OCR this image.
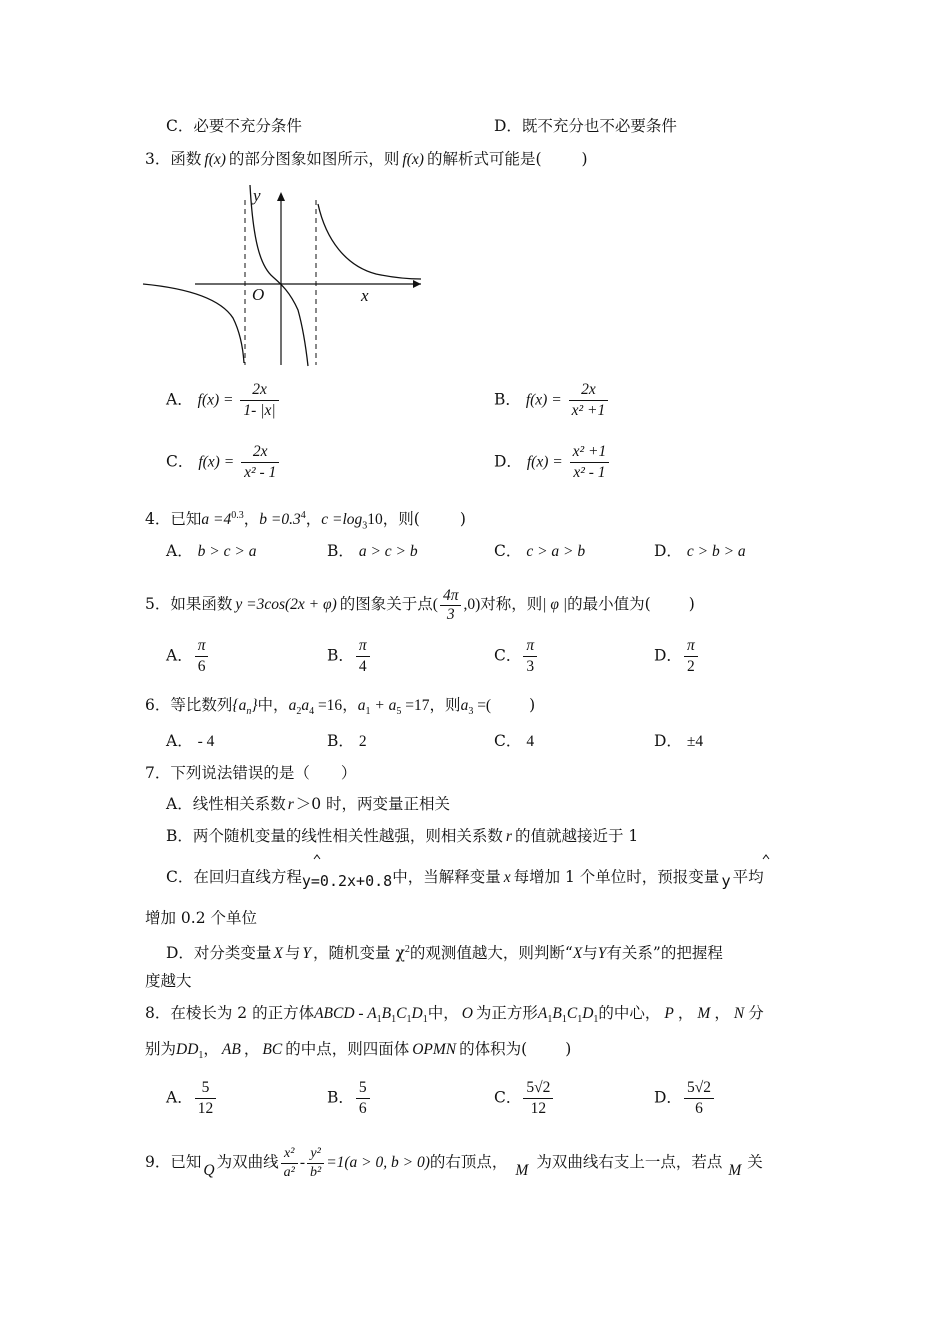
C．必要不充分条件	D．既不充分也不必要条件
3．函数 f(x) 的部分图象如图所示，则 f(x) 的解析式可能是(	)
y
O	x
A． $f(x) = \frac{2x}{1- |x|}$	B． $f(x) = \frac{2x}{\text{x² +1}}$
C． $f(x) = \frac{2x}{\text{x² - 1}}$	D． $f(x) = \frac{\text{x² +1}}{\text{x² - 1}}$
4．已知$a =4^{0.3}$，$b =0.3^4$，$c =\log_310$，则(	)
A． b > c > a	B． a > c > b	C． c > a > b	D． c > b > a
5．如果函数 y =3cos(2x + φ) 的图象关于点( $\frac{4\pi}{3} ,0$)对称，则| φ |的最小值为( )
A． $\frac{\pi}{6}$	B． $\frac{\pi}{4}$	C． $\frac{\pi}{3}$	D． $\frac{\pi}{2}$
6．等比数列$\{a_n\}$中，$a_2a_4 =16$，$a_1 + a_5 =17$，则$a_3$ =( )
A． - 4	B． 2	C． 4	D． ±4
7．下列说法错误的是（　　）
A．线性相关系数 r ＞0 时，两变量正相关
B．两个随机变量的线性相关性越强，则相关系数 r 的值就越接近于 1
C．在回归直线方程y=0.2x+0.8中，当解释变量 x 每增加 1 个单位时，预报变量 y 平均
增加 0.2 个单位
D．对分类变量 X 与 Y ，随机变量 $\chi^2$的观测值越大，则判断“X与Y有关系”的把握程
度越大
8．在棱长为 2 的正方体ABCD - $A_1B_1C_1D_1$中， O 为正方形$A_1B_1C_1D_1$的中心， P ， M ， N 分
别为$DD_1$， AB ， BC 的中点，则四面体 OPMN 的体积为( )
A． $\frac{5}{12}$	B． $\frac{5}{6}$	C． $\frac{5√2}{12}$	D． $\frac{5√2}{6}$
9．已知 Q 为双曲线 $\frac{\text{x²}}{\text{a²}} - \frac{\text{y²}}{\text{b²}} =1(a > 0$, b > 0)的右顶点， M 为双曲线右支上一点，若点 M 关
